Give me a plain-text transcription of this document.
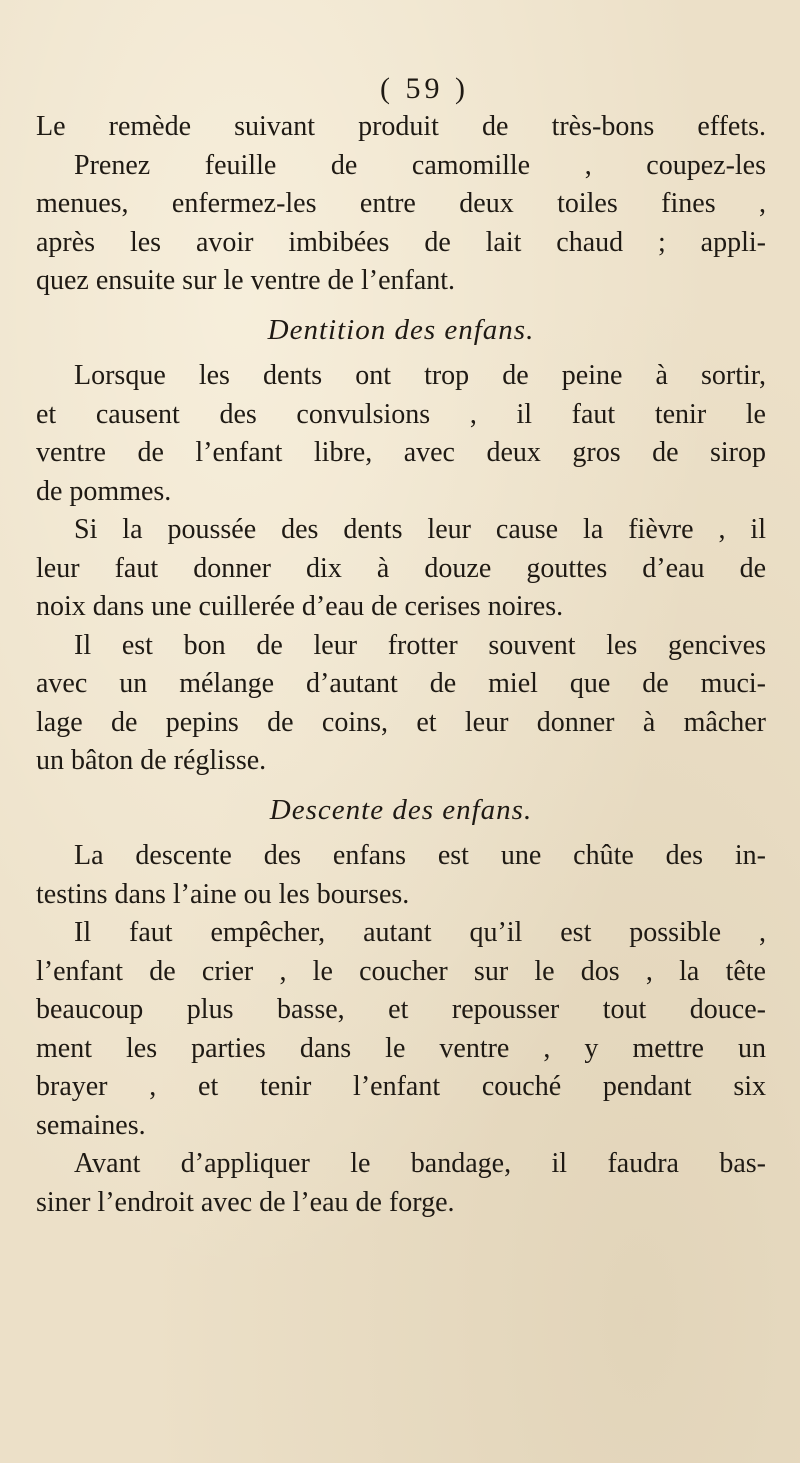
( 59 )
Le remède suivant produit de très-bons effets.
Prenez feuille de camomille , coupez-les
menues, enfermez-les entre deux toiles fines ,
après les avoir imbibées de lait chaud ; appli-
quez ensuite sur le ventre de l’enfant.
Dentition des enfans.
Lorsque les dents ont trop de peine à sortir,
et causent des convulsions , il faut tenir le
ventre de l’enfant libre, avec deux gros de sirop
de pommes.
Si la poussée des dents leur cause la fièvre , il
leur faut donner dix à douze gouttes d’eau de
noix dans une cuillerée d’eau de cerises noires.
Il est bon de leur frotter souvent les gencives
avec un mélange d’autant de miel que de muci-
lage de pepins de coins, et leur donner à mâcher
un bâton de réglisse.
Descente des enfans.
La descente des enfans est une chûte des in-
testins dans l’aine ou les bourses.
Il faut empêcher, autant qu’il est possible ,
l’enfant de crier , le coucher sur le dos , la tête
beaucoup plus basse, et repousser tout douce-
ment les parties dans le ventre , y mettre un
brayer , et tenir l’enfant couché pendant six
semaines.
Avant d’appliquer le bandage, il faudra bas-
siner l’endroit avec de l’eau de forge.
